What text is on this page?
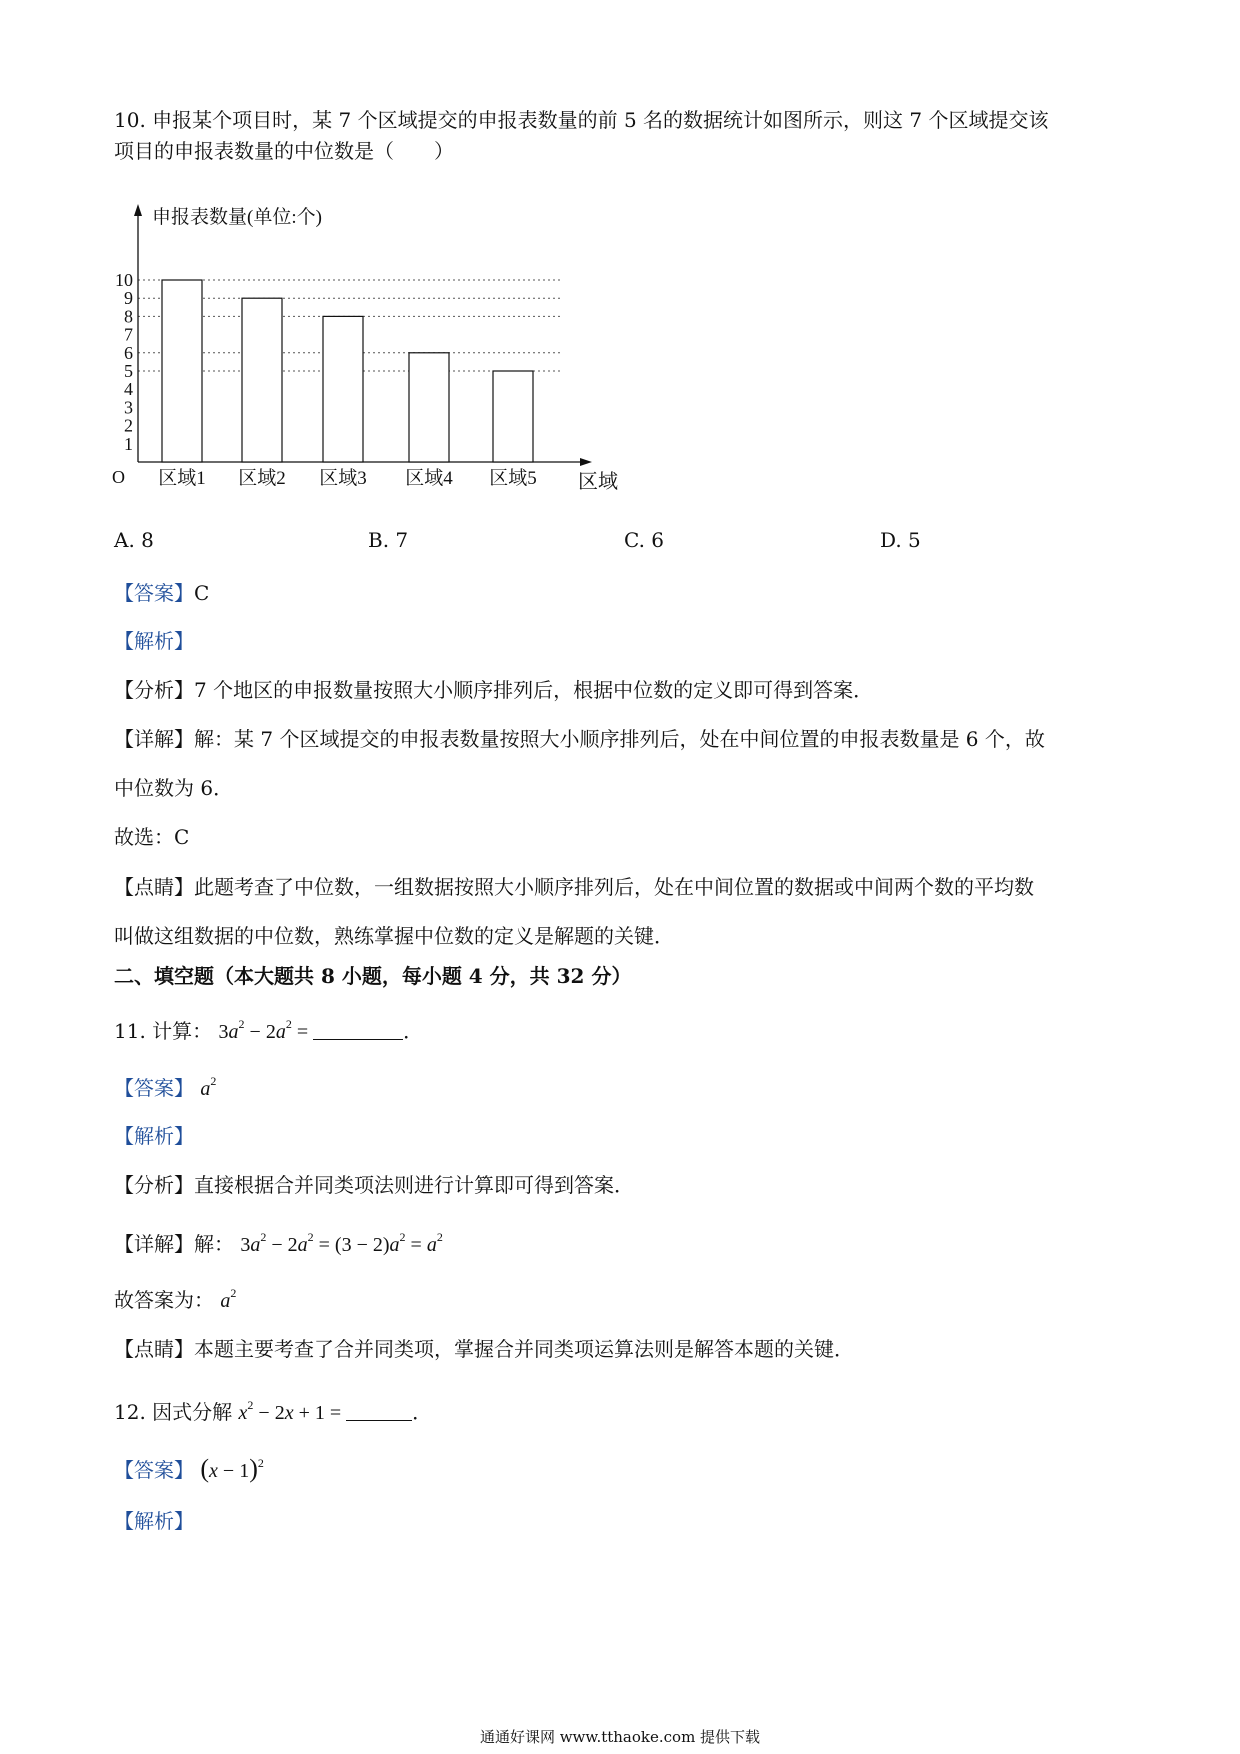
10. 申报某个项目时，某 7 个区域提交的申报表数量的前 5 名的数据统计如图所示，则这 7 个区域提交该
项目的申报表数量的中位数是（　　）
申报表数量(单位:个)
1
2
3
4
5
6
7
8
9
10
O 区域1 区域2 区域3 区域4 区域5 区域
A. 8	B. 7	C. 6	D. 5
【答案】C
【解析】
【分析】7 个地区的申报数量按照大小顺序排列后，根据中位数的定义即可得到答案．
【详解】解：某 7 个区域提交的申报表数量按照大小顺序排列后，处在中间位置的申报表数量是 6 个，故
中位数为 6．
故选：C
【点睛】此题考查了中位数，一组数据按照大小顺序排列后，处在中间位置的数据或中间两个数的平均数
叫做这组数据的中位数，熟练掌握中位数的定义是解题的关键．
二、填空题（本大题共 8 小题，每小题 4 分，共 32 分）
11. 计算： $3a^2 - 2a^2$ =	．
【答案】 $a^2$
【解析】
【分析】直接根据合并同类项法则进行计算即可得到答案．
【详解】解： $3a^2 - 2a^2 = (3 - 2)a^2 = a^2$
故答案为： $a^2$
【点睛】本题主要考查了合并同类项，掌握合并同类项运算法则是解答本题的关键．
12. 因式分解 $x^2 - 2x + 1$ =	．
【答案】 $(x - 1)^2$
【解析】
通通好课网 www.tthaoke.com 提供下载
